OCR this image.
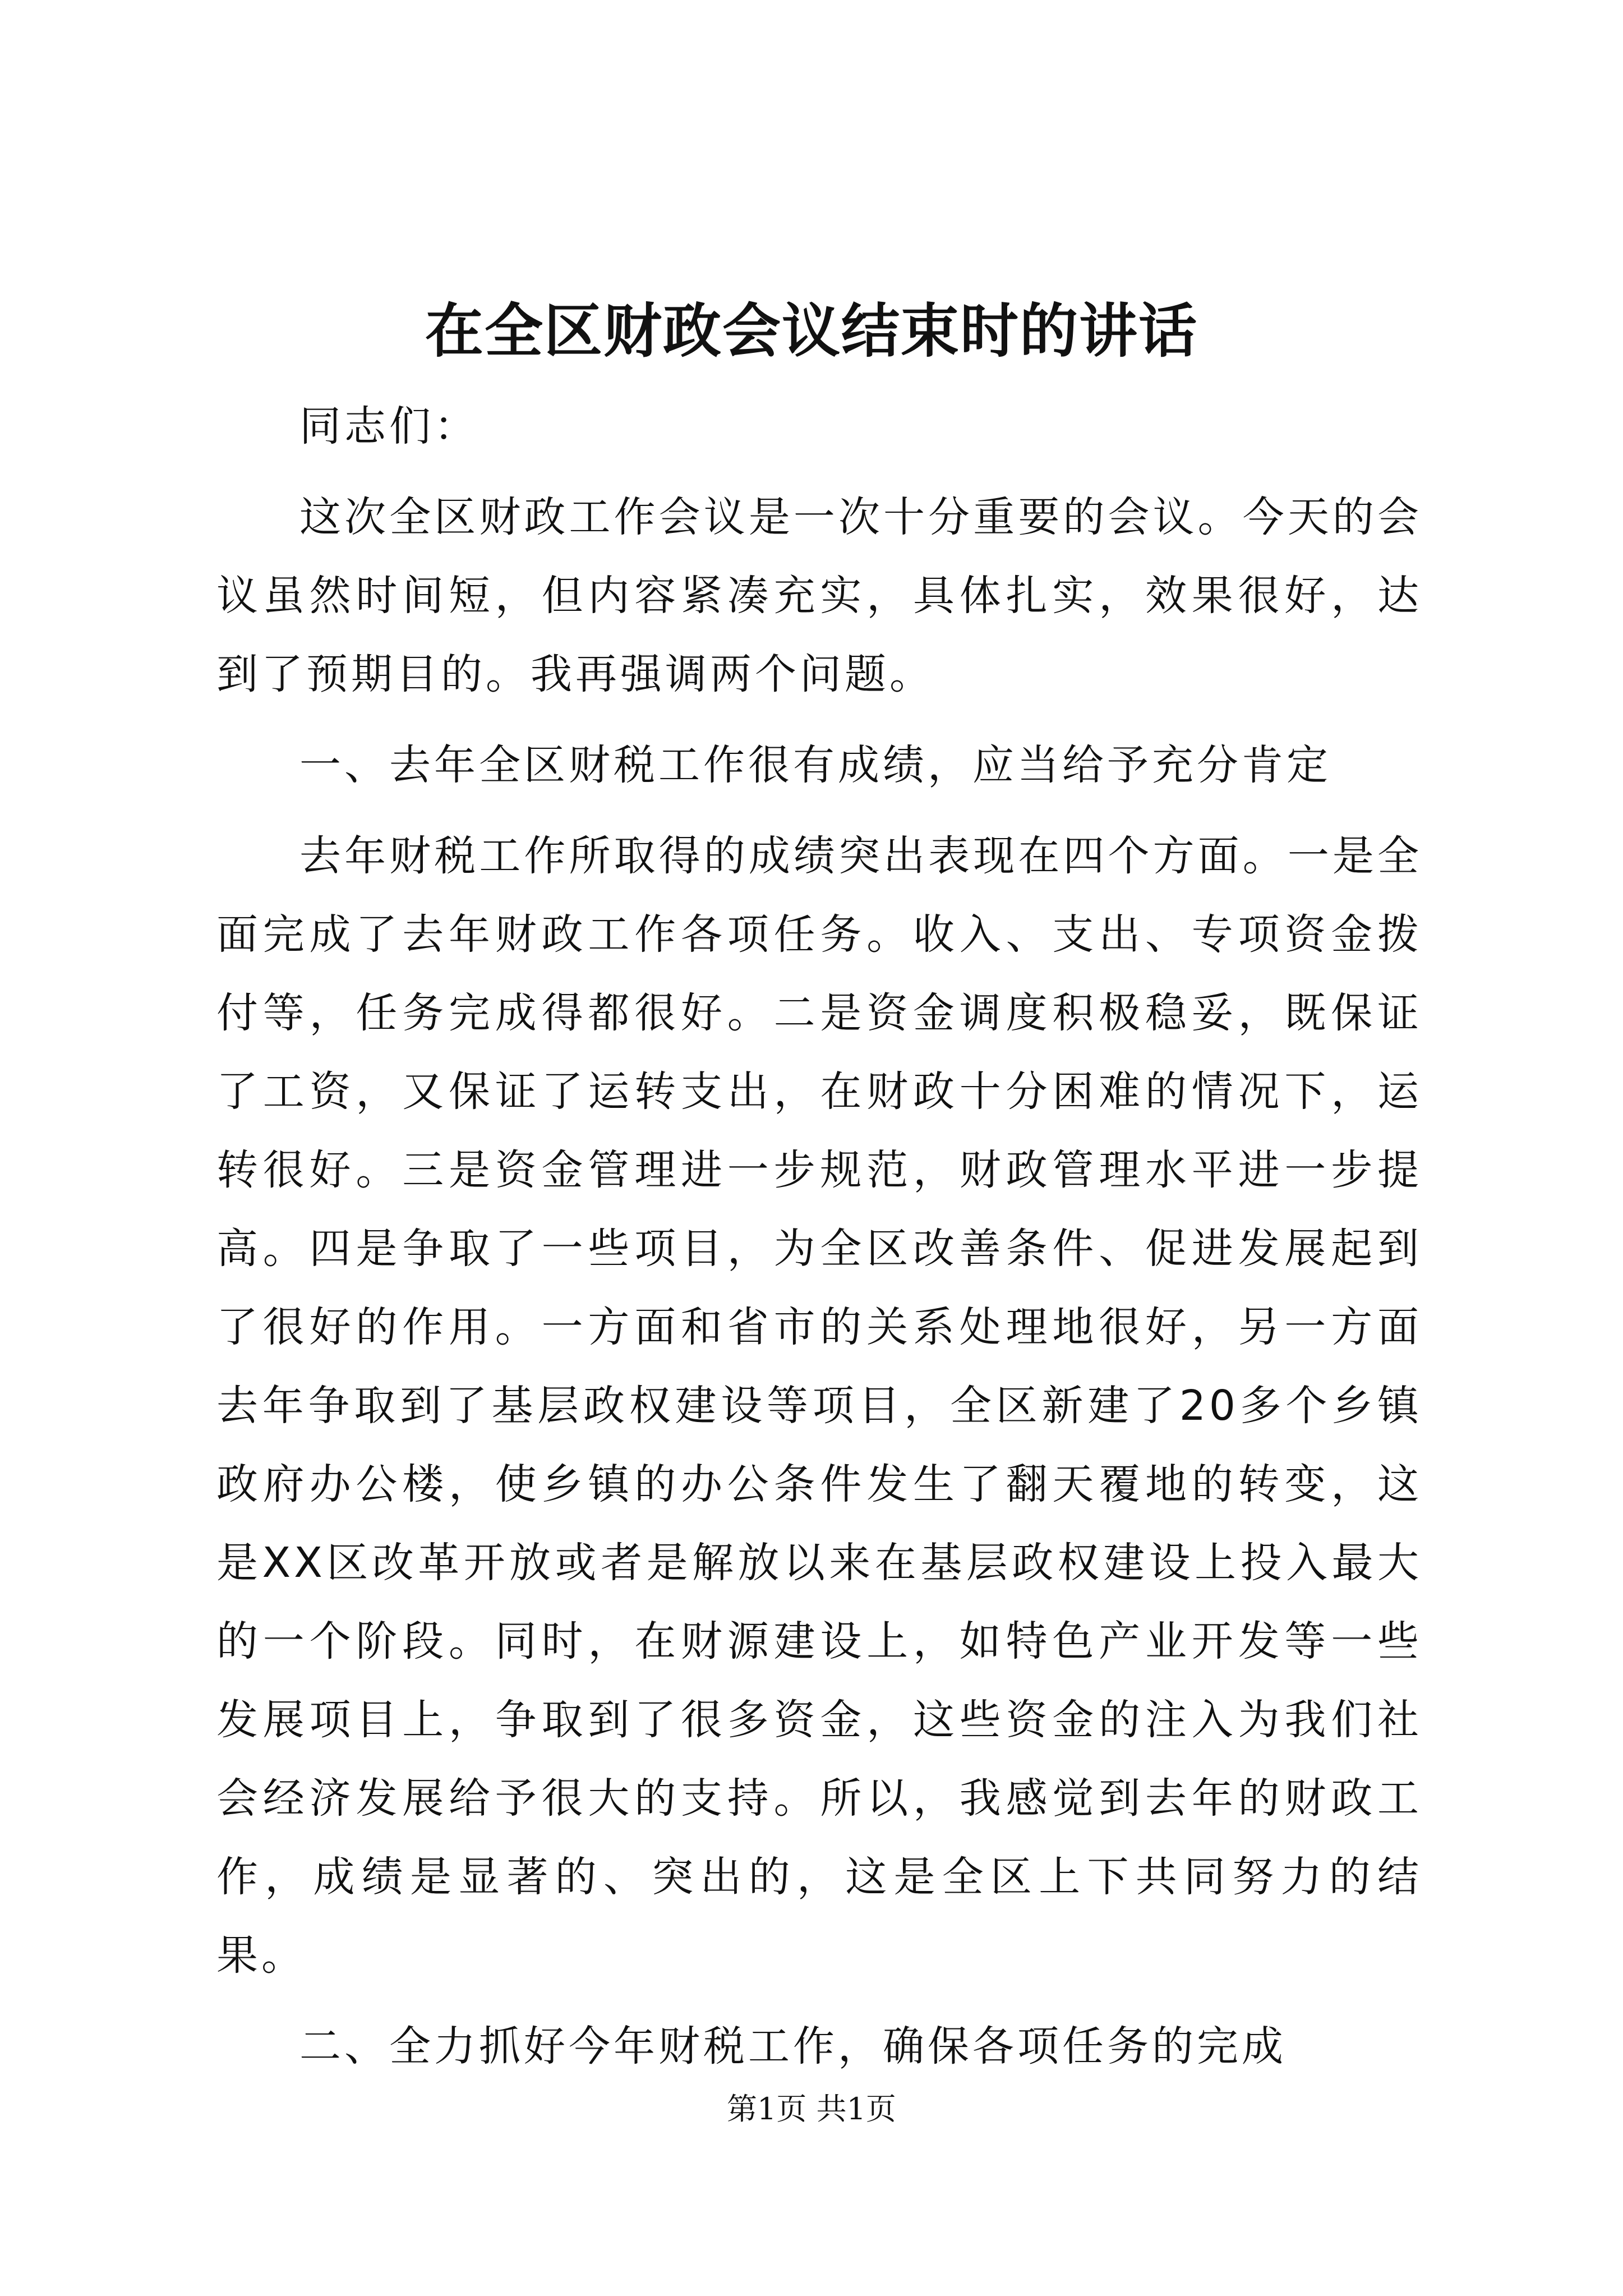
在全区财政会议结束时的讲话

同志们：

这次全区财政工作会议是一次十分重要的会议。今天的会议虽然时间短，但内容紧凑充实，具体扎实，效果很好，达到了预期目的。我再强调两个问题。

一、去年全区财税工作很有成绩，应当给予充分肯定

去年财税工作所取得的成绩突出表现在四个方面。一是全面完成了去年财政工作各项任务。收入、支出、专项资金拨付等，任务完成得都很好。二是资金调度积极稳妥，既保证了工资，又保证了运转支出，在财政十分困难的情况下，运转很好。三是资金管理进一步规范，财政管理水平进一步提高。四是争取了一些项目，为全区改善条件、促进发展起到了很好的作用。一方面和省市的关系处理地很好，另一方面去年争取到了基层政权建设等项目，全区新建了20多个乡镇政府办公楼，使乡镇的办公条件发生了翻天覆地的转变，这是XX区改革开放或者是解放以来在基层政权建设上投入最大的一个阶段。同时，在财源建设上，如特色产业开发等一些发展项目上，争取到了很多资金，这些资金的注入为我们社会经济发展给予很大的支持。所以，我感觉到去年的财政工作，成绩是显著的、突出的，这是全区上下共同努力的结果。

二、全力抓好今年财税工作，确保各项任务的完成

第1页 共1页
